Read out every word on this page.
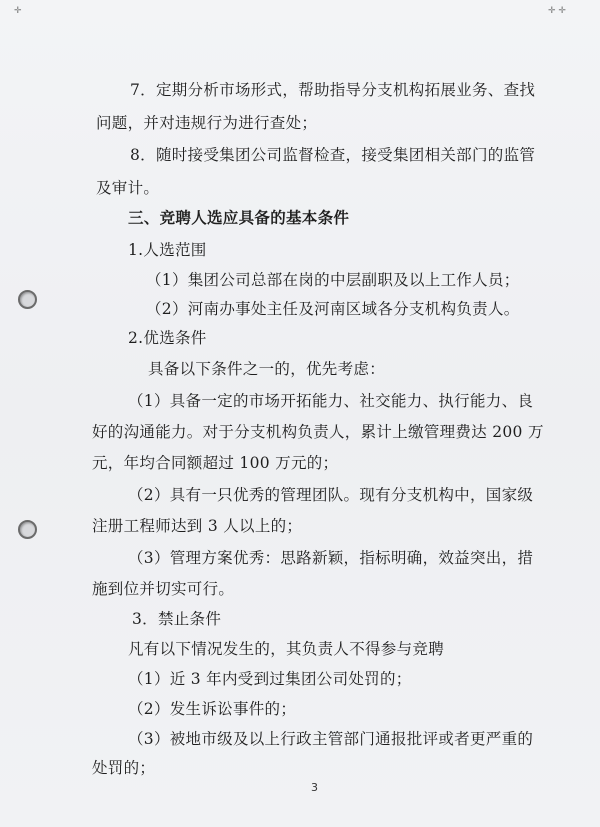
✛	✛ ✛
7．定期分析市场形式，帮助指导分支机构拓展业务、查找
问题，并对违规行为进行查处；
8．随时接受集团公司监督检查，接受集团相关部门的监管
及审计。
三、竞聘人选应具备的基本条件
1.人选范围
（1）集团公司总部在岗的中层副职及以上工作人员；
（2）河南办事处主任及河南区域各分支机构负责人。
2.优选条件
具备以下条件之一的，优先考虑：
（1）具备一定的市场开拓能力、社交能力、执行能力、良
好的沟通能力。对于分支机构负责人，累计上缴管理费达 200 万
元，年均合同额超过 100 万元的；
（2）具有一只优秀的管理团队。现有分支机构中，国家级
注册工程师达到 3 人以上的；
（3）管理方案优秀：思路新颖，指标明确，效益突出，措
施到位并切实可行。
3．禁止条件
凡有以下情况发生的，其负责人不得参与竞聘
（1）近 3 年内受到过集团公司处罚的；
（2）发生诉讼事件的；
（3）被地市级及以上行政主管部门通报批评或者更严重的
处罚的；
3
